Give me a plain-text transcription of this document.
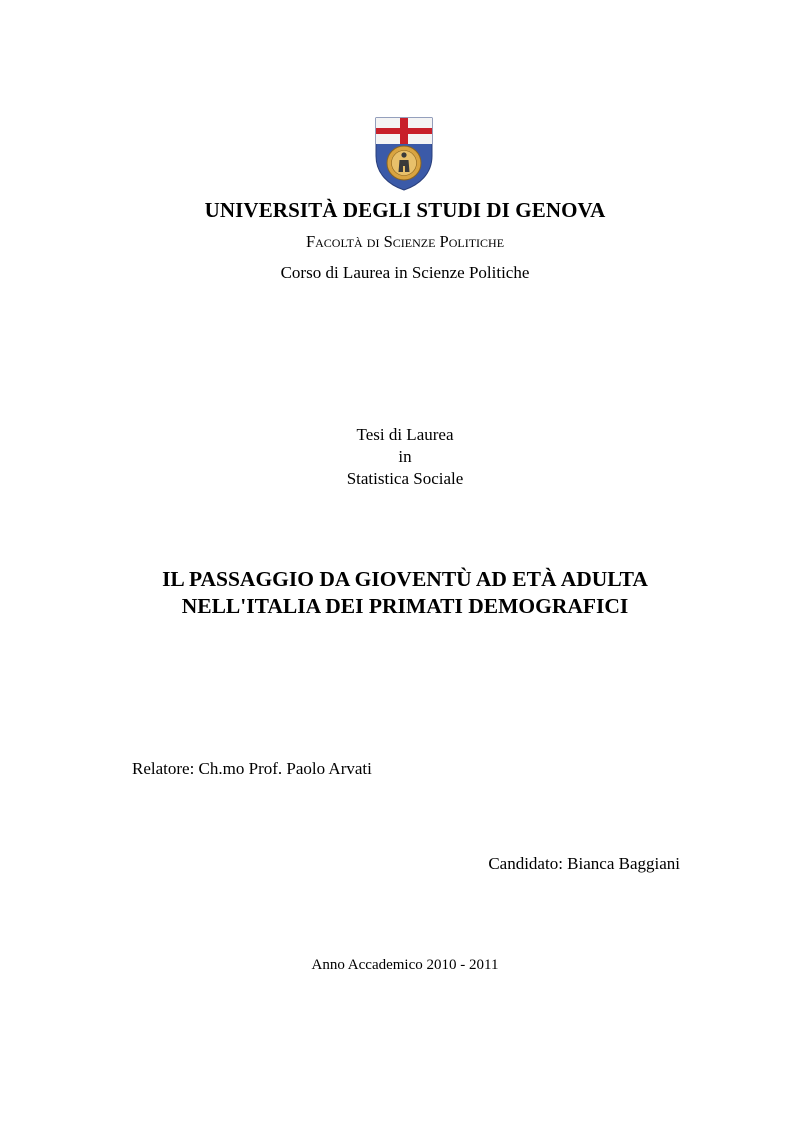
UNIVERSITÀ DEGLI STUDI DI GENOVA

Facoltà di Scienze Politiche

Corso di Laurea in Scienze Politiche

Tesi di Laurea
in
Statistica Sociale
IL PASSAGGIO DA GIOVENTÙ AD ETÀ ADULTA
NELL'ITALIA DEI PRIMATI DEMOGRAFICI
Relatore: Ch.mo Prof. Paolo Arvati
Candidato: Bianca Baggiani

Anno Accademico 2010 - 2011
